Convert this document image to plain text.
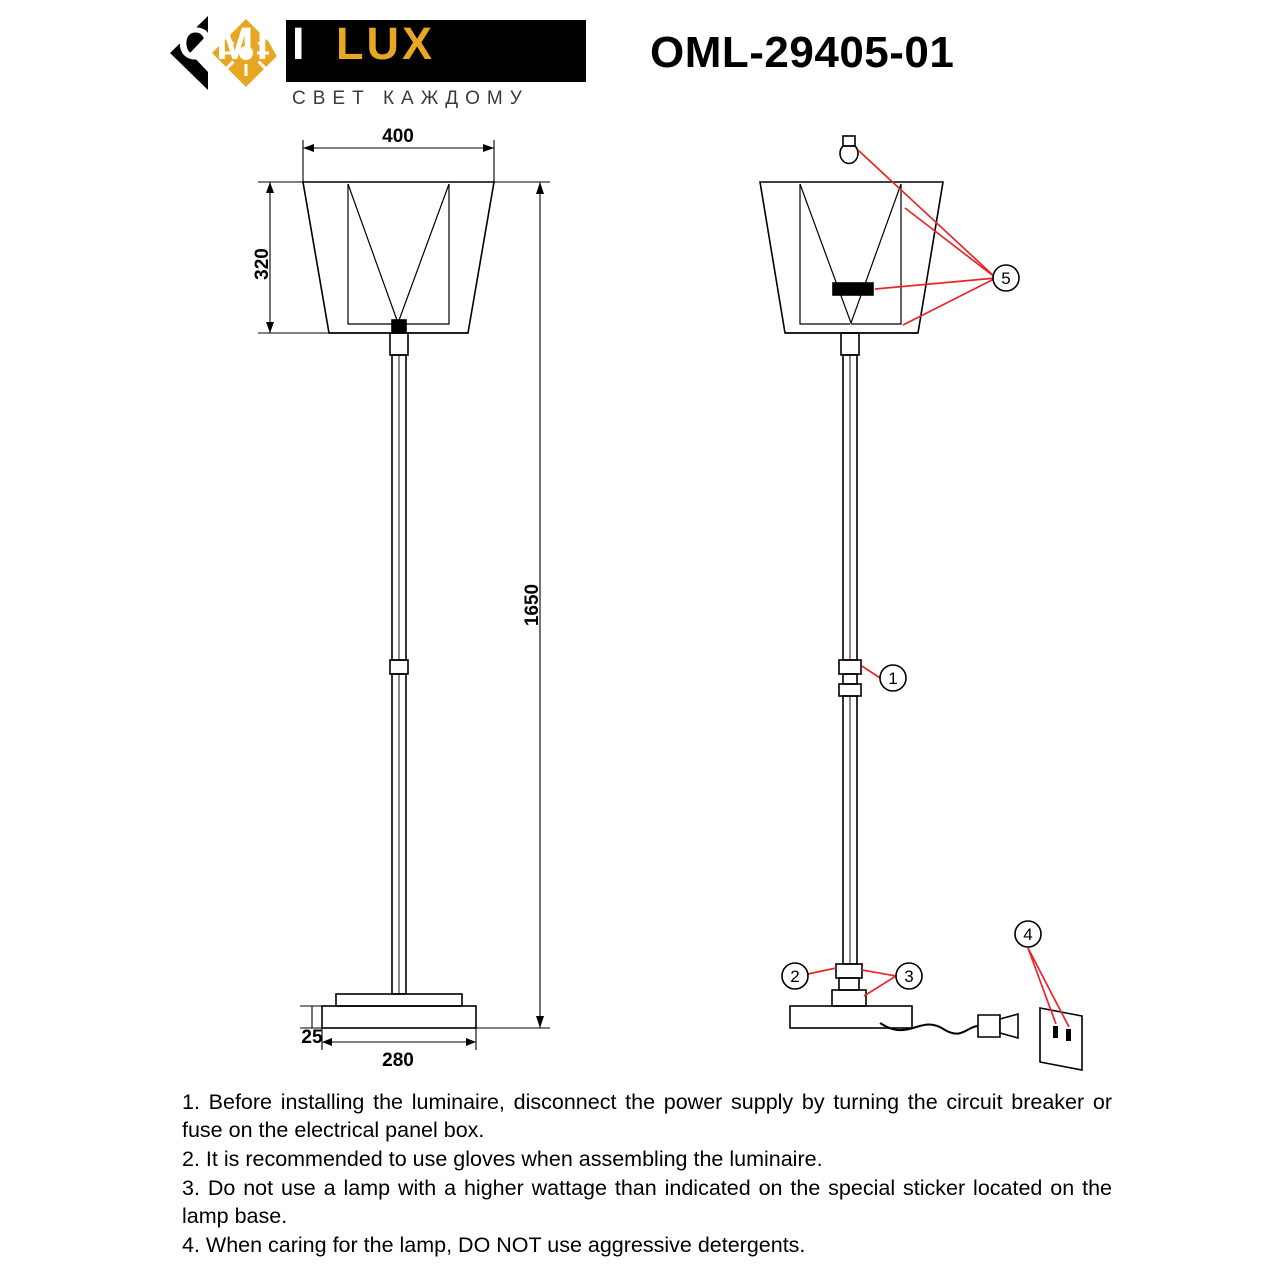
OMNI LUX
СВЕТ КАЖДОМУ
OML-29405-01
400
320
1650
25
280
5
1
2	3
4

1. Before installing the luminaire, disconnect the power supply by turning the circuit breaker or fuse on the electrical panel box.

2. It is recommended to use gloves when assembling the luminaire.

3. Do not use a lamp with a higher wattage than indicated on the special sticker located on the lamp base.

4. When caring for the lamp, DO NOT use aggressive detergents.
